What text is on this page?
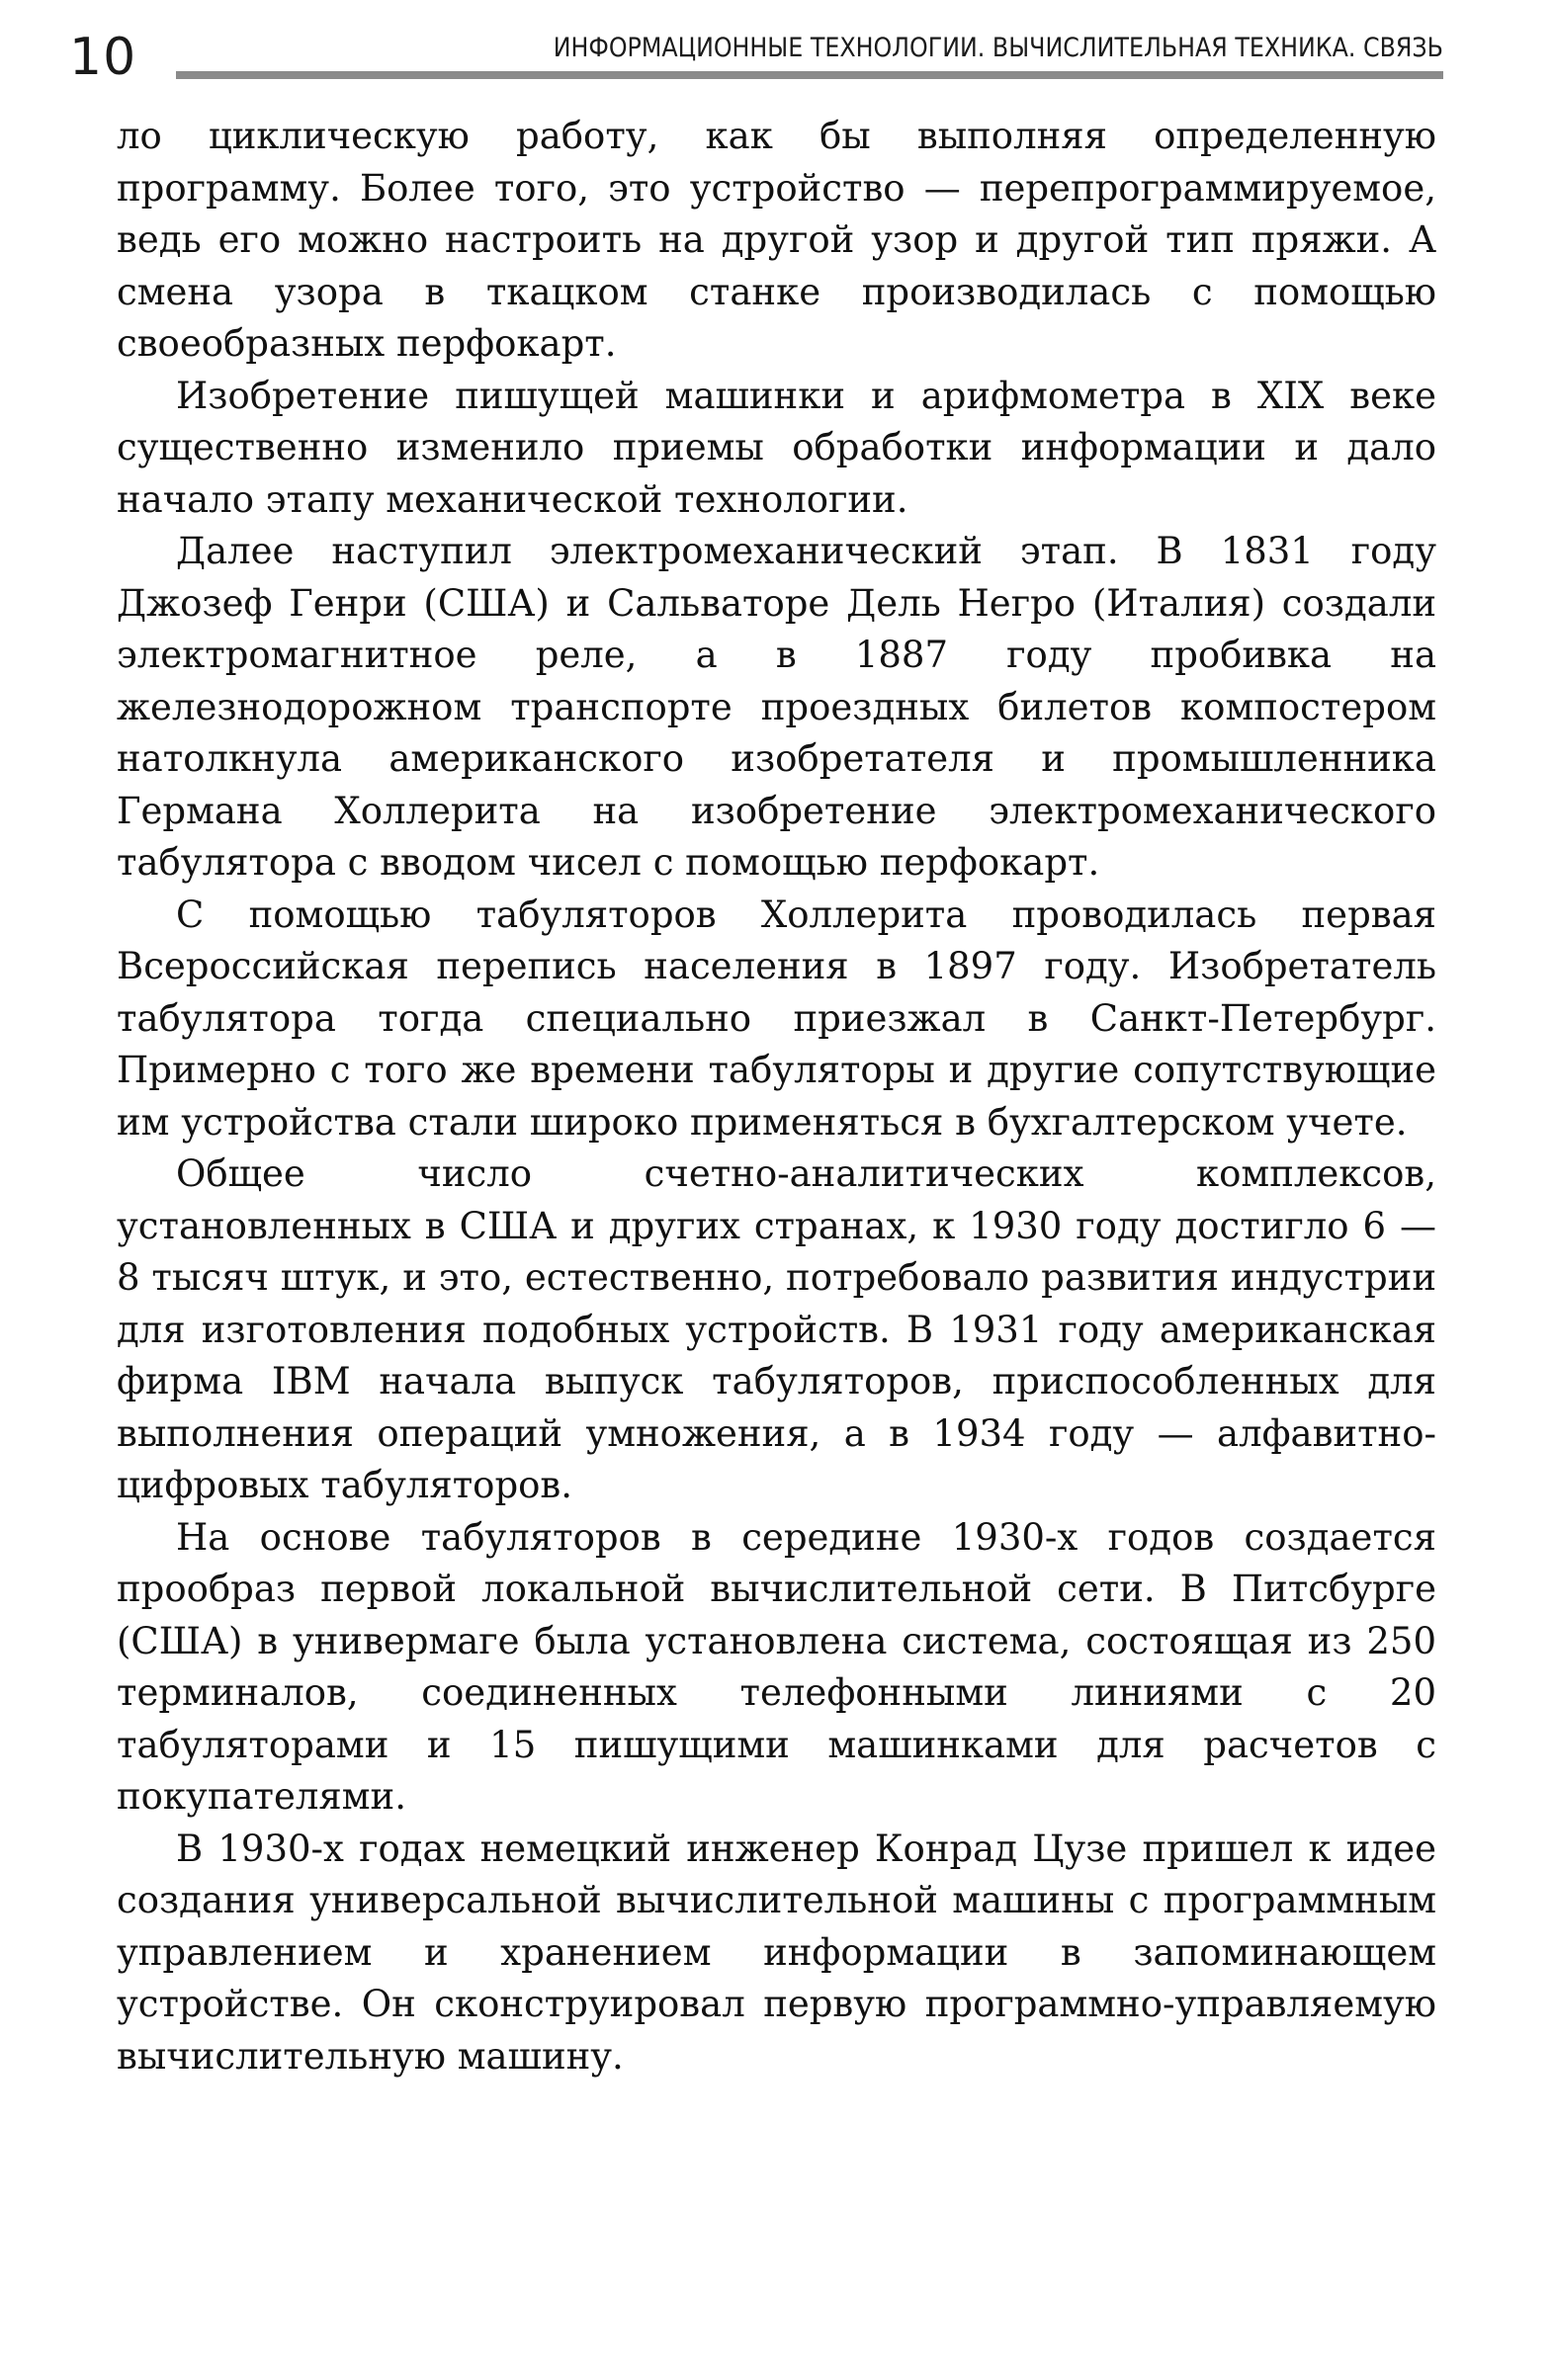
10	ИНФОРМАЦИОННЫЕ ТЕХНОЛОГИИ. ВЫЧИСЛИТЕЛЬНАЯ ТЕХНИКА. СВЯЗЬ

ло циклическую работу, как бы выполняя определенную программу. Более того, это устройство — перепрограммируемое, ведь его можно настроить на другой узор и другой тип пряжи. А смена узора в ткацком станке производилась с помощью своеобразных перфокарт.

Изобретение пишущей машинки и арифмометра в XIX веке существенно изменило приемы обработки информации и дало начало этапу механической технологии.

Далее наступил электромеханический этап. В 1831 году Джозеф Генри (США) и Сальваторе Дель Негро (Италия) создали электромагнитное реле, а в 1887 году пробивка на железнодорожном транспорте проездных билетов компостером натолкнула американского изобретателя и промышленника Германа Холлерита на изобретение электромеханического табулятора с вводом чисел с помощью перфокарт.

С помощью табуляторов Холлерита проводилась первая Всероссийская перепись населения в 1897 году. Изобретатель табулятора тогда специально приезжал в Санкт-Петербург. Примерно с того же времени табуляторы и другие сопутствующие им устройства стали широко применяться в бухгалтерском учете.

Общее число счетно-аналитических комплексов, установленных в США и других странах, к 1930 году достигло 6 — 8 тысяч штук, и это, естественно, потребовало развития индустрии для изготовления подобных устройств. В 1931 году американская фирма IBM начала выпуск табуляторов, приспособленных для выполнения операций умножения, а в 1934 году — алфавитно-цифровых табуляторов.

На основе табуляторов в середине 1930-х годов создается прообраз первой локальной вычислительной сети. В Питсбурге (США) в универмаге была установлена система, состоящая из 250 терминалов, соединенных телефонными линиями с 20 табуляторами и 15 пишущими машинками для расчетов с покупателями.

В 1930-х годах немецкий инженер Конрад Цузе пришел к идее создания универсальной вычислительной машины с программным управлением и хранением информации в запоминающем устройстве. Он сконструировал первую программно-управляемую вычислительную машину.
